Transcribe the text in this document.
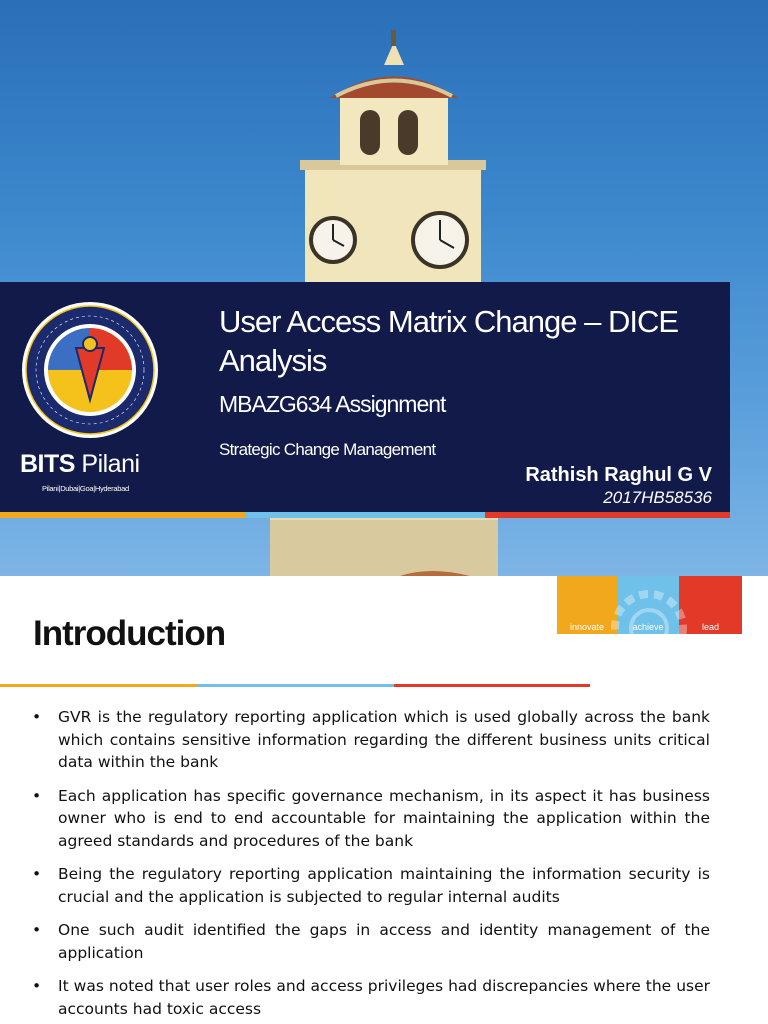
BITS Pilani
Pilani|Dubai|Goa|Hyderabad
User Access Matrix Change – DICE Analysis
MBAZG634 Assignment
Strategic Change Management
Rathish Raghul G V
2017HB58536
Introduction	innovate	achieve	lead
• GVR is the regulatory reporting application which is used globally across the bank which contains sensitive information regarding the different business units critical data within the bank
• Each application has specific governance mechanism, in its aspect it has business owner who is end to end accountable for maintaining the application within the agreed standards and procedures of the bank
• Being the regulatory reporting application maintaining the information security is crucial and the application is subjected to regular internal audits
• One such audit identified the gaps in access and identity management of the application
• It was noted that user roles and access privileges had discrepancies where the user accounts had toxic access
